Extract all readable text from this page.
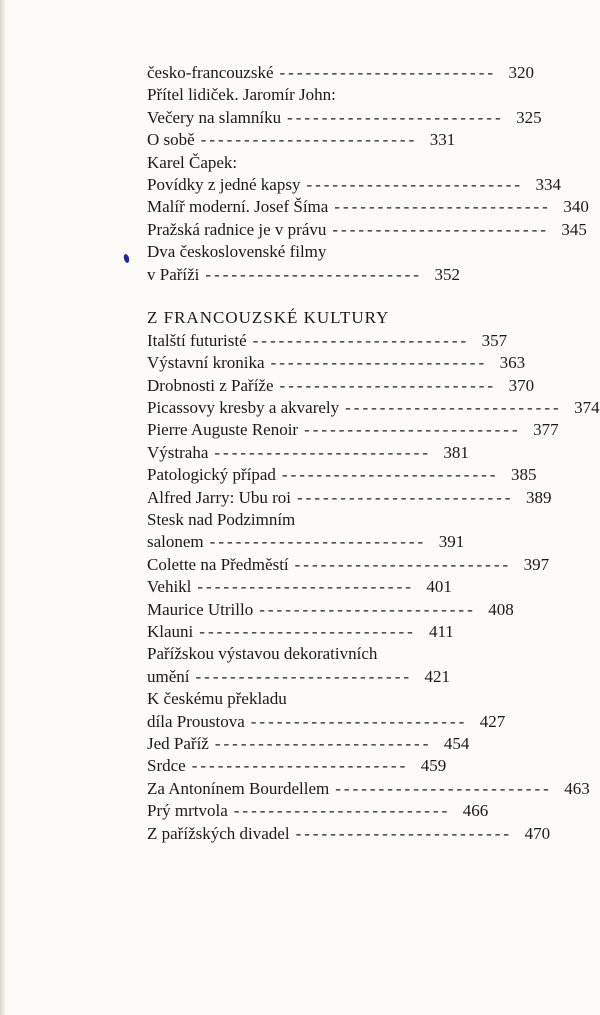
česko-francouzské ------------------------- 320
Přítel lidiček. Jaromír John:
Večery na slamníku ------------------------- 325
O sobě ------------------------- 331
Karel Čapek:
Povídky z jedné kapsy ------------------------- 334
Malíř moderní. Josef Šíma ------------------------- 340
Pražská radnice je v právu ------------------------- 345
Dva československé filmy
v Paříži ------------------------- 352
Z FRANCOUZSKÉ KULTURY
Italští futuristé ------------------------- 357
Výstavní kronika ------------------------- 363
Drobnosti z Paříže ------------------------- 370
Picassovy kresby a akvarely ------------------------- 374
Pierre Auguste Renoir ------------------------- 377
Výstraha ------------------------- 381
Patologický případ ------------------------- 385
Alfred Jarry: Ubu roi ------------------------- 389
Stesk nad Podzimním
salonem ------------------------- 391
Colette na Předměstí ------------------------- 397
Vehikl ------------------------- 401
Maurice Utrillo ------------------------- 408
Klauni ------------------------- 411
Pařížskou výstavou dekorativních
umění ------------------------- 421
K českému překladu
díla Proustova ------------------------- 427
Jed Paříž ------------------------- 454
Srdce ------------------------- 459
Za Antonínem Bourdellem ------------------------- 463
Prý mrtvola ------------------------- 466
Z pařížských divadel ------------------------- 470
